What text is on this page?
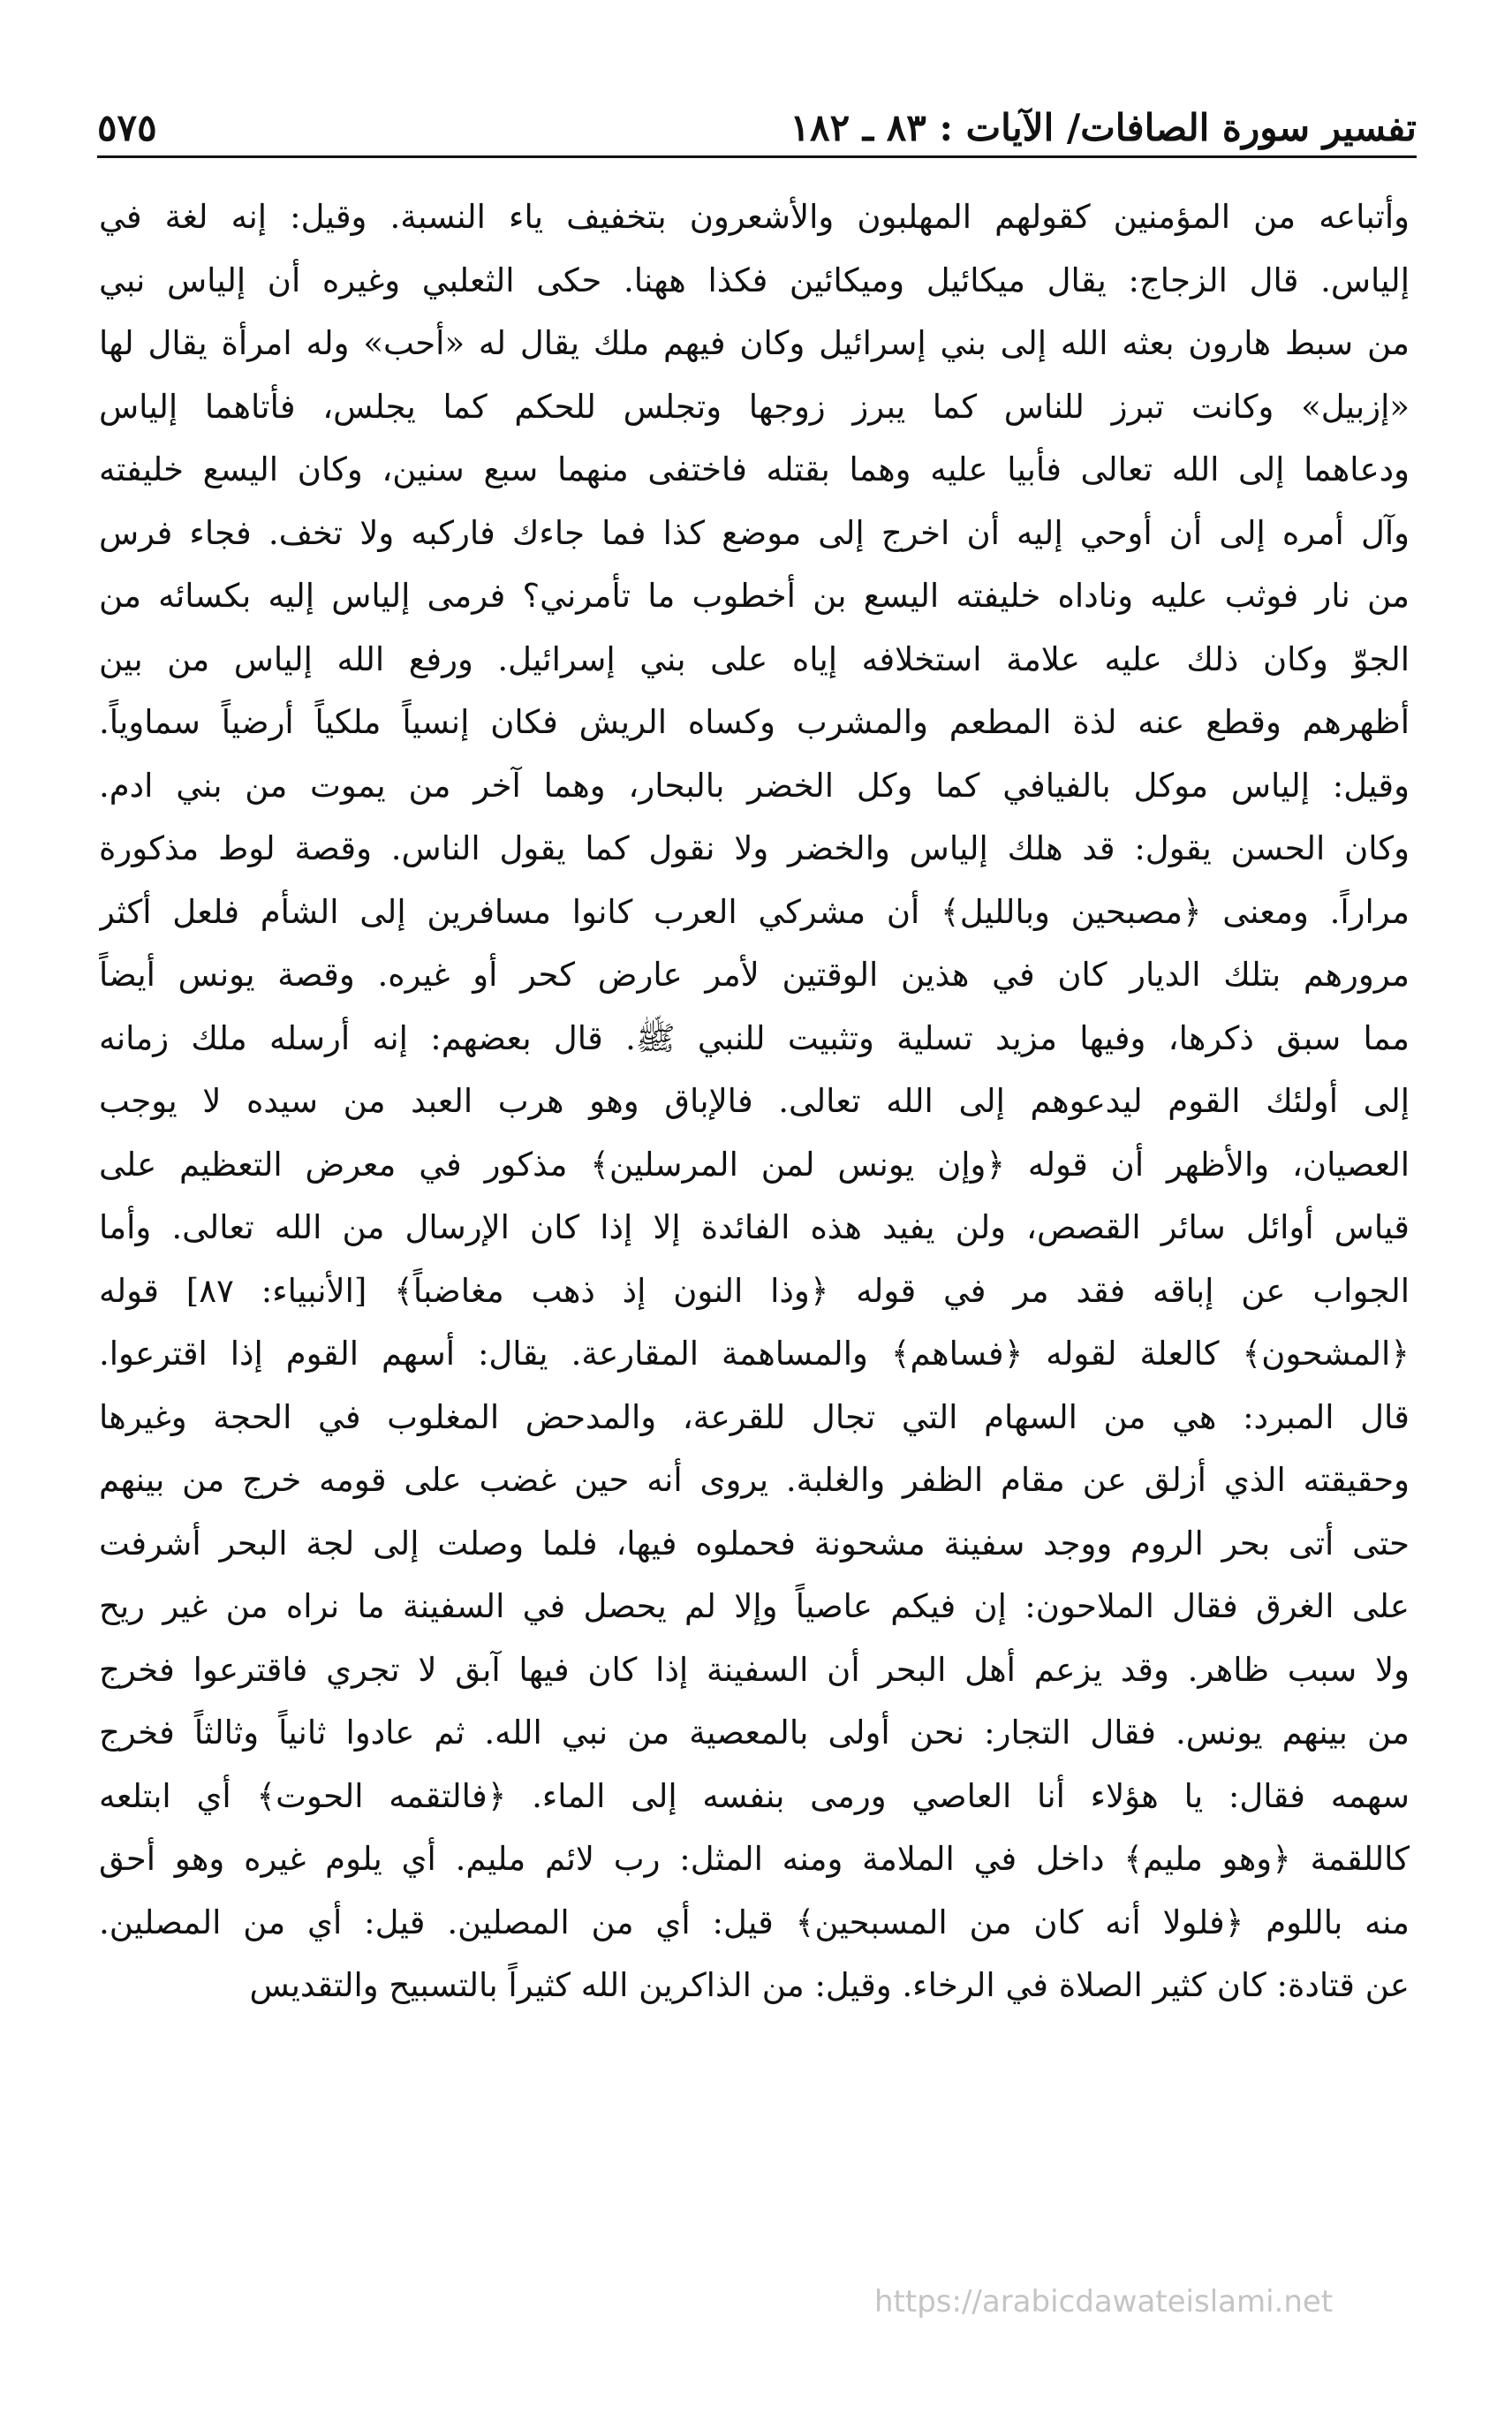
تفسير سورة الصافات/ الآيات : ٨٣ ـ ١٨٢
٥٧٥
وأتباعه من المؤمنين كقولهم المهلبون والأشعرون بتخفيف ياء النسبة. وقيل: إنه لغة في
إلياس. قال الزجاج: يقال ميكائيل وميكائين فكذا ههنا. حكى الثعلبي وغيره أن إلياس نبي
من سبط هارون بعثه الله إلى بني إسرائيل وكان فيهم ملك يقال له «أحب» وله امرأة يقال لها
«إزبيل» وكانت تبرز للناس كما يبرز زوجها وتجلس للحكم كما يجلس، فأتاهما إلياس
ودعاهما إلى الله تعالى فأبيا عليه وهما بقتله فاختفى منهما سبع سنين، وكان اليسع خليفته
وآل أمره إلى أن أوحي إليه أن اخرج إلى موضع كذا فما جاءك فاركبه ولا تخف. فجاء فرس
من نار فوثب عليه وناداه خليفته اليسع بن أخطوب ما تأمرني؟ فرمى إلياس إليه بكسائه من
الجوّ وكان ذلك عليه علامة استخلافه إياه على بني إسرائيل. ورفع الله إلياس من بين
أظهرهم وقطع عنه لذة المطعم والمشرب وكساه الريش فكان إنسياً ملكياً أرضياً سماوياً.
وقيل: إلياس موكل بالفيافي كما وكل الخضر بالبحار، وهما آخر من يموت من بني ادم.
وكان الحسن يقول: قد هلك إلياس والخضر ولا نقول كما يقول الناس. وقصة لوط مذكورة
مراراً. ومعنى ﴿مصبحين وبالليل﴾ أن مشركي العرب كانوا مسافرين إلى الشأم فلعل أكثر
مرورهم بتلك الديار كان في هذين الوقتين لأمر عارض كحر أو غيره. وقصة يونس أيضاً
مما سبق ذكرها، وفيها مزيد تسلية وتثبيت للنبي ﷺ. قال بعضهم: إنه أرسله ملك زمانه
إلى أولئك القوم ليدعوهم إلى الله تعالى. فالإباق وهو هرب العبد من سيده لا يوجب
العصيان، والأظهر أن قوله ﴿وإن يونس لمن المرسلين﴾ مذكور في معرض التعظيم على
قياس أوائل سائر القصص، ولن يفيد هذه الفائدة إلا إذا كان الإرسال من الله تعالى. وأما
الجواب عن إباقه فقد مر في قوله ﴿وذا النون إذ ذهب مغاضباً﴾ [الأنبياء: ٨٧] قوله
﴿المشحون﴾ كالعلة لقوله ﴿فساهم﴾ والمساهمة المقارعة. يقال: أسهم القوم إذا اقترعوا.
قال المبرد: هي من السهام التي تجال للقرعة، والمدحض المغلوب في الحجة وغيرها
وحقيقته الذي أزلق عن مقام الظفر والغلبة. يروى أنه حين غضب على قومه خرج من بينهم
حتى أتى بحر الروم ووجد سفينة مشحونة فحملوه فيها، فلما وصلت إلى لجة البحر أشرفت
على الغرق فقال الملاحون: إن فيكم عاصياً وإلا لم يحصل في السفينة ما نراه من غير ريح
ولا سبب ظاهر. وقد يزعم أهل البحر أن السفينة إذا كان فيها آبق لا تجري فاقترعوا فخرج
من بينهم يونس. فقال التجار: نحن أولى بالمعصية من نبي الله. ثم عادوا ثانياً وثالثاً فخرج
سهمه فقال: يا هؤلاء أنا العاصي ورمى بنفسه إلى الماء. ﴿فالتقمه الحوت﴾ أي ابتلعه
كاللقمة ﴿وهو مليم﴾ داخل في الملامة ومنه المثل: رب لائم مليم. أي يلوم غيره وهو أحق
منه باللوم ﴿فلولا أنه كان من المسبحين﴾ قيل: أي من المصلين. قيل: أي من المصلين.
عن قتادة: كان كثير الصلاة في الرخاء. وقيل: من الذاكرين الله كثيراً بالتسبيح والتقديس
https://arabicdawateislami.net
